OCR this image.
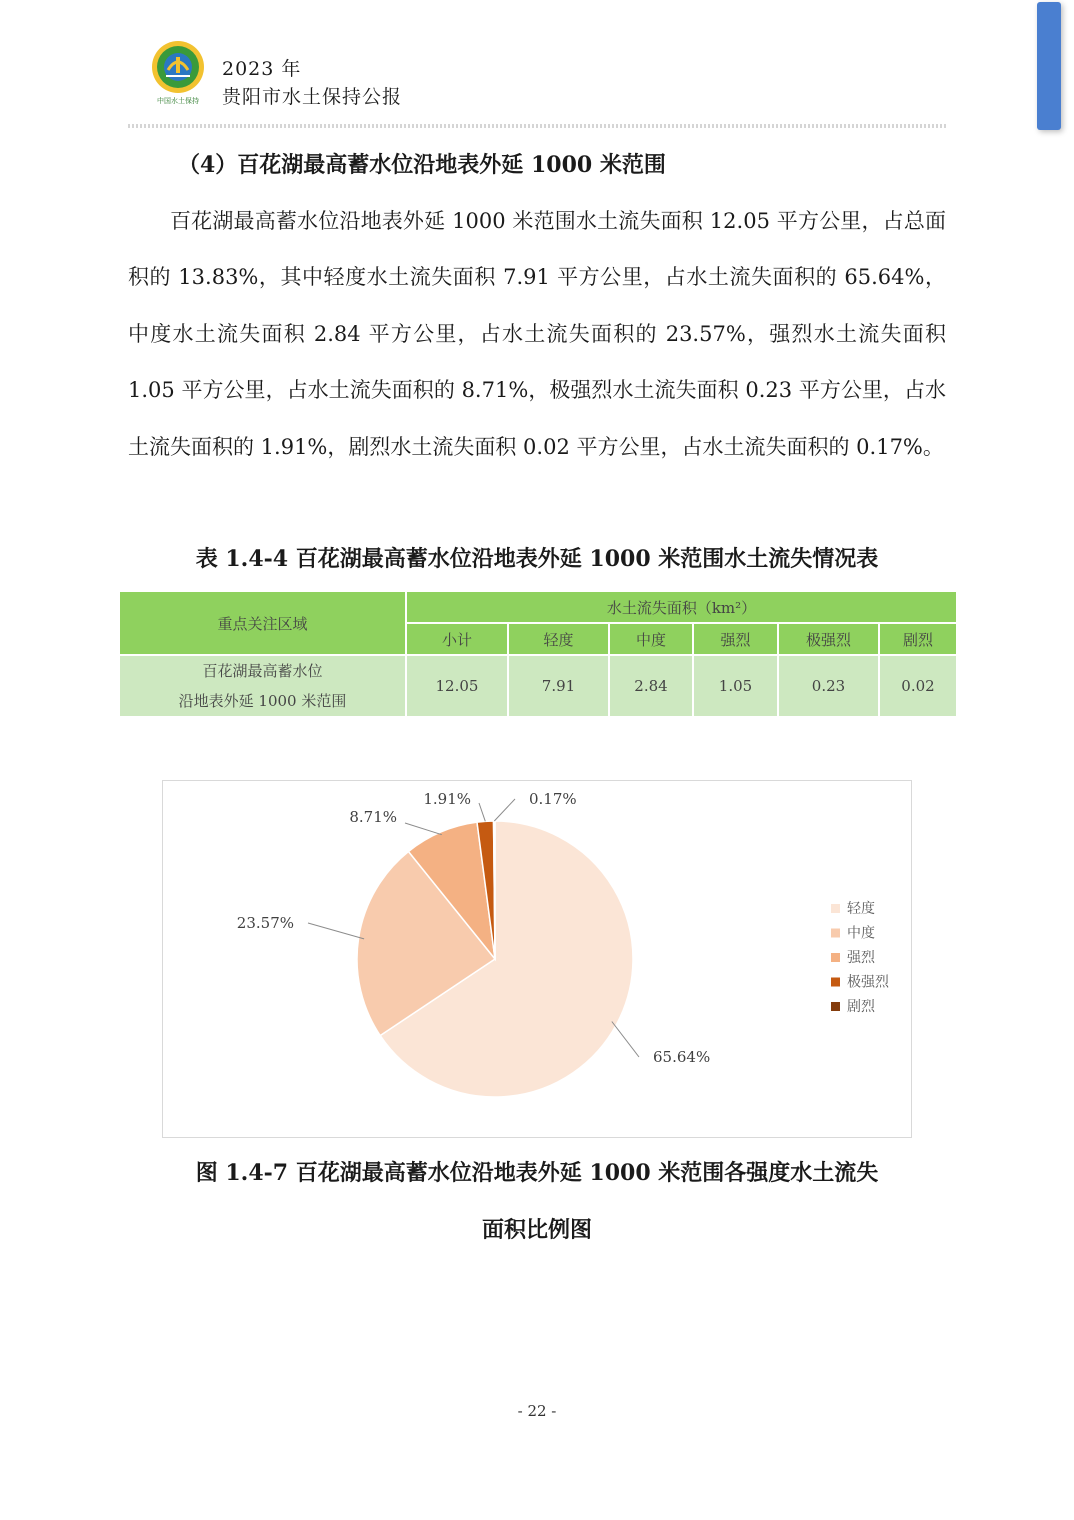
中国水土保持
2023 年
贵阳市水土保持公报
（4）百花湖最高蓄水位沿地表外延 1000 米范围

百花湖最高蓄水位沿地表外延 1000 米范围水土流失面积 12.05 平方公里，占总面积的 13.83%，其中轻度水土流失面积 7.91 平方公里，占水土流失面积的 65.64%，中度水土流失面积 2.84 平方公里，占水土流失面积的 23.57%，强烈水土流失面积 1.05 平方公里，占水土流失面积的 8.71%，极强烈水土流失面积 0.23 平方公里，占水土流失面积的 1.91%，剧烈水土流失面积 0.02 平方公里，占水土流失面积的 0.17%。

表 1.4-4 百花湖最高蓄水位沿地表外延 1000 米范围水土流失情况表
重点关注区域	水土流失面积（km²）					
	小计	轻度	中度	强烈	极强烈	剧烈

百花湖最高蓄水位
沿地表外延 1000 米范围	12.05	7.91	2.84	1.05	0.23	0.02
65.64%
23.57%
8.71%
1.91%	0.17%
轻度
中度
强烈
极强烈
剧烈
图 1.4-7 百花湖最高蓄水位沿地表外延 1000 米范围各强度水土流失
面积比例图
- 22 -
